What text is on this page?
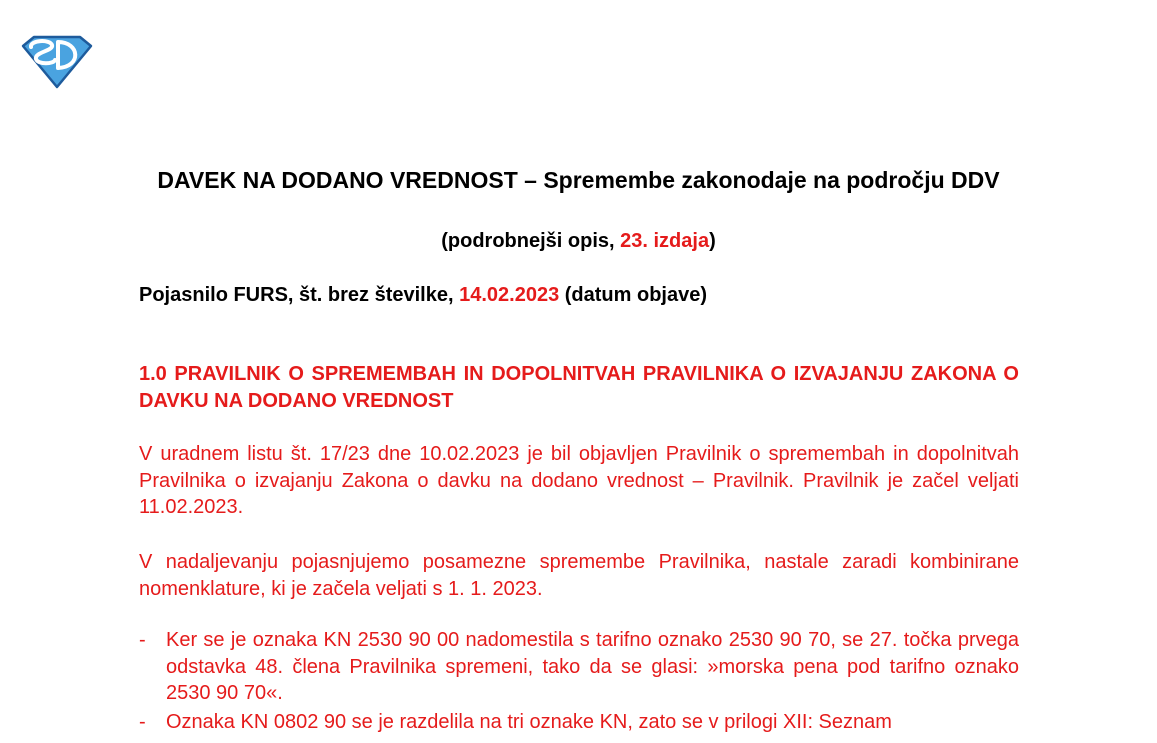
DAVEK NA DODANO VREDNOST – Spremembe zakonodaje na področju DDV
(podrobnejši opis, 23. izdaja)
Pojasnilo FURS, št. brez številke, 14.02.2023 (datum objave)
1.0 PRAVILNIK O SPREMEMBAH IN DOPOLNITVAH PRAVILNIKA O IZVAJANJU ZAKONA O DAVKU NA DODANO VREDNOST
V uradnem listu št. 17/23 dne 10.02.2023 je bil objavljen Pravilnik o spremembah in dopolnitvah Pravilnika o izvajanju Zakona o davku na dodano vrednost – Pravilnik. Pravilnik je začel veljati 11.02.2023.
V nadaljevanju pojasnjujemo posamezne spremembe Pravilnika, nastale zaradi kombinirane nomenklature, ki je začela veljati s 1. 1. 2023.
- Ker se je oznaka KN 2530 90 00 nadomestila s tarifno oznako 2530 90 70, se 27. točka prvega odstavka 48. člena Pravilnika spremeni, tako da se glasi: »morska pena pod tarifno oznako 2530 90 70«.
- Oznaka KN 0802 90 se je razdelila na tri oznake KN, zato se v prilogi XII: Seznam
